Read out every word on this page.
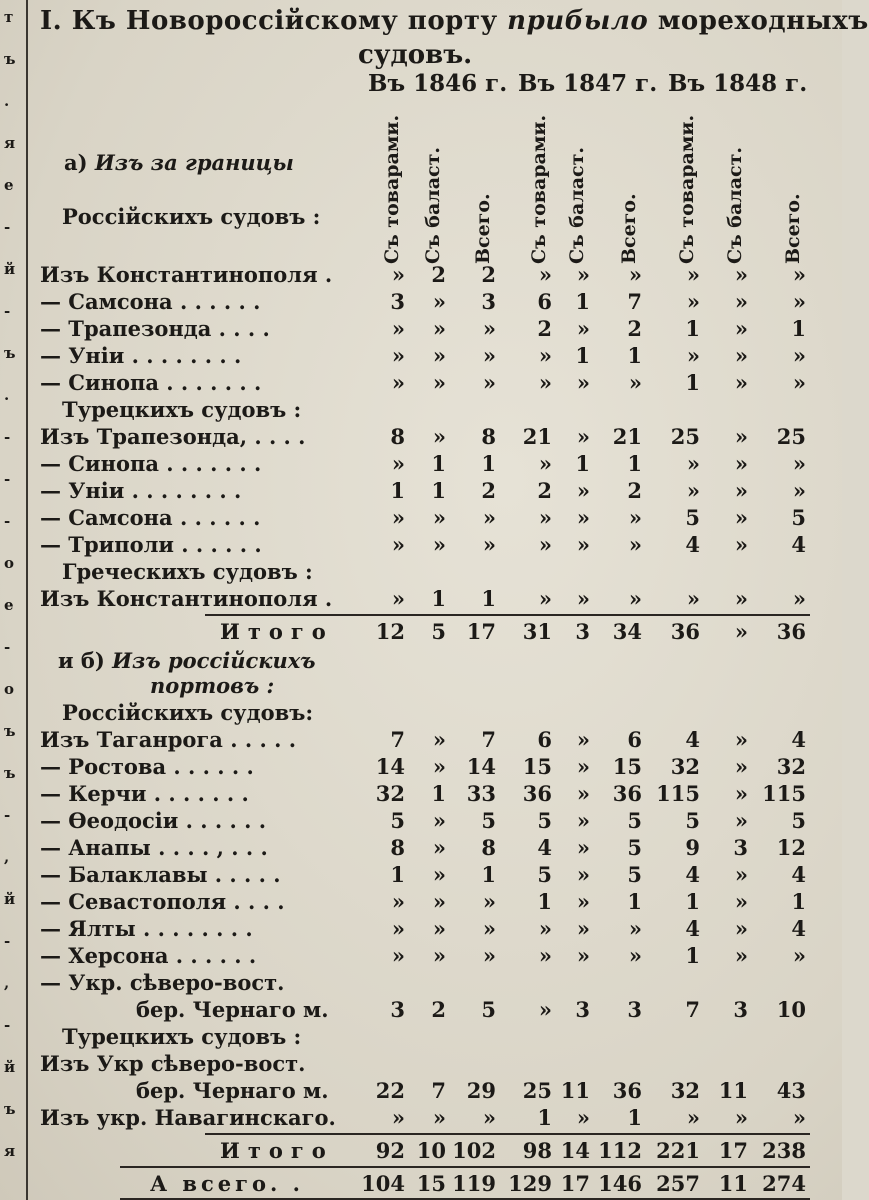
т
ъ
.
я
е
-
й
-
ъ
.
-
-
-
о
е
-
о
ъ
ъ
-
,
й
-
,
-
й
ъ
я
I. Къ Новороссійскому порту прибыло мореходныхъ
судовъ.
Въ 1846 г. Въ 1847 г. Въ 1848 г.
Съ товарами. Съ баласт. Всего. Съ товарами. Съ баласт. Всего. Съ товарами. Съ баласт. Всего.
а) Изъ за границы
Россійскихъ судовъ :
Изъ Константинополя .	»	2	2	»	»	»	»	»	»
— Самсона . . . . . .	3	»	3	6	1	7	»	»	»
— Трапезонда . . . .	»	»	»	2	»	2	1	»	1
— Уніи . . . . . . . .	»	»	»	»	1	1	»	»	»
— Синопа . . . . . . .	»	»	»	»	»	»	1	»	»
Турецкихъ судовъ :
Изъ Трапезонда, . . . .	8	»	8	21	»	21	25	»	25
— Синопа . . . . . . .	»	1	1	»	1	1	»	»	»
— Уніи . . . . . . . .	1	1	2	2	»	2	»	»	»
— Самсона . . . . . .	»	»	»	»	»	»	5	»	5
— Триполи . . . . . .	»	»	»	»	»	»	4	»	4
Греческихъ судовъ :
Изъ Константинополя .	»	1	1	»	»	»	»	»	»
Итого	12	5 17	31	3	34	36	»	36
и б) Изъ россійскихъ
портовъ :
Россійскихъ судовъ:
Изъ Таганрога . . . . .	7	»	7	6	»	6	4	»	4
— Ростова . . . . . .	14	» 14	15	»	15	32	»	32
— Керчи . . . . . . .	32	1 33	36	»	36 115	» 115
— Ѳеодосіи . . . . . .	5	»	5	5	»	5	5	»	5
— Анапы . . . . , . . .	8	»	8	4	»	5	9	3	12
— Балаклавы . . . . .	1	»	1	5	»	5	4	»	4
— Севастополя . . . .	»	»	»	1	»	1	1	»	1
— Ялты . . . . . . . .	»	»	»	»	»	»	4	»	4
— Херсона . . . . . .	»	»	»	»	»	»	1	»	»
— Укр. сѣверо-вост.
бер. Чернаго м.	3	2	5	»	3	3	7	3	10
Турецкихъ судовъ :
Изъ Укр сѣверо-вост.
бер. Чернаго м.	22	7 29	25 11	36	32 11	43
Изъ укр. Навагинскаго.	»	»	»	1	»	1	»	»	»
Итого	92 10 102	98 14 112 221 17 238
А всего. .	104 15 119 129 17 146 257 11 274
